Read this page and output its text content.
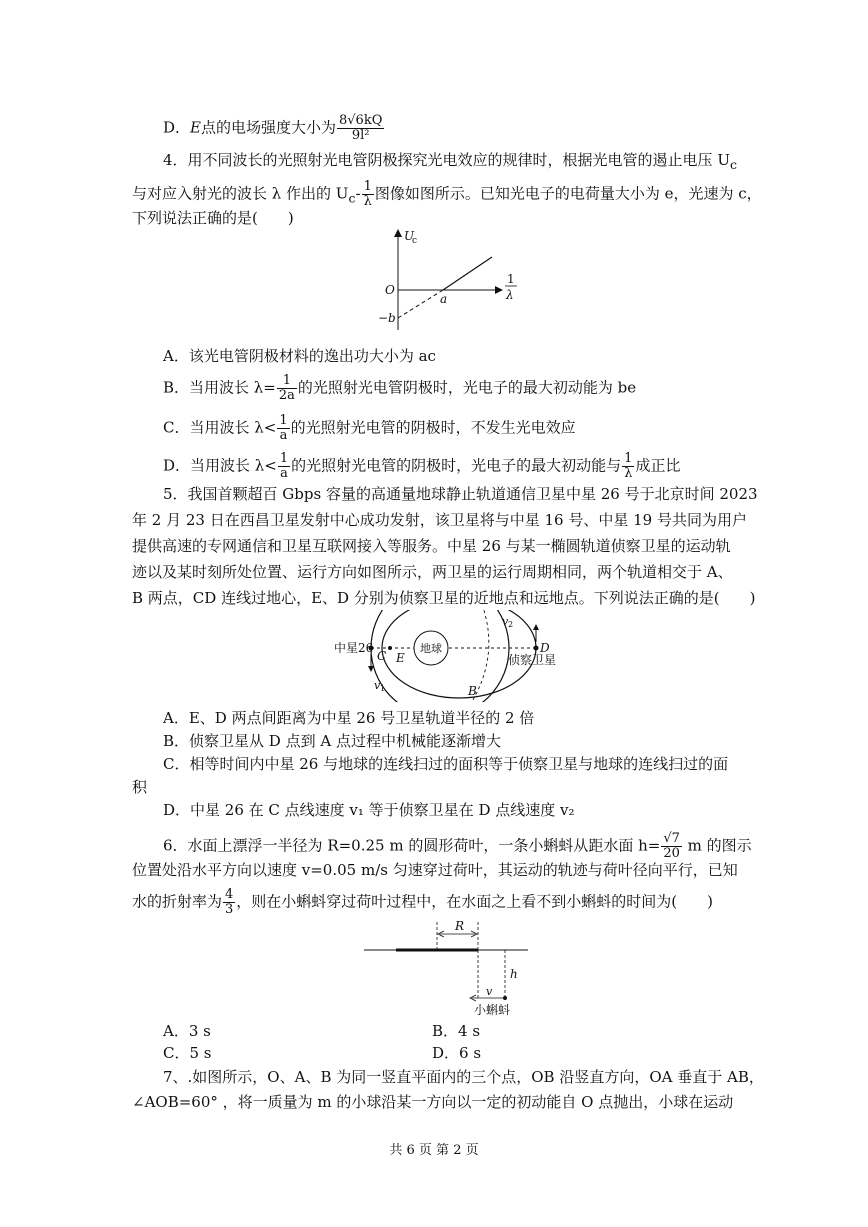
D．E点的电场强度大小为 $\frac{8√6kQ}{\text{9l²}}$
4．用不同波长的光照射光电管阴极探究光电效应的规律时，根据光电管的遏止电压 $U_c$
与对应入射光的波长 λ 作出的 $U_c- \frac{1}{\lambda}$ 图像如图所示。已知光电子的电荷量大小为 e，光速为 c，
下列说法正确的是(　　)
U
c
O
a
−b
1
λ
A．该光电管阴极材料的逸出功大小为 ac
B．当用波长 $\lambda= \frac{1}{2a}$ 的光照射光电管阴极时，光电子的最大初动能为 be
C．当用波长 $\lambda< \frac{1}{a}$ 的光照射光电管的阴极时，不发生光电效应
D．当用波长 $\lambda< \frac{1}{a}$ 的光照射光电管的阴极时，光电子的最大初动能与 $\frac{1}{\lambda}$ 成正比
5．我国首颗超百 Gbps 容量的高通量地球静止轨道通信卫星中星 26 号于北京时间 2023
年 2 月 23 日在西昌卫星发射中心成功发射，该卫星将与中星 16 号、中星 19 号共同为用户
提供高速的专网通信和卫星互联网接入等服务。中星 26 与某一椭圆轨道侦察卫星的运动轨
迹以及某时刻所处位置、运行方向如图所示，两卫星的运行周期相同，两个轨道相交于 A、
B 两点，CD 连线过地心，E、D 分别为侦察卫星的近地点和远地点。下列说法正确的是(　　)
地球
中星26
侦察卫星
C E
D
B
v 1
v 2
A．E、D 两点间距离为中星 26 号卫星轨道半径的 2 倍
B．侦察卫星从 D 点到 A 点过程中机械能逐渐增大
C．相等时间内中星 26 与地球的连线扫过的面积等于侦察卫星与地球的连线扫过的面
积
D．中星 26 在 C 点线速度 v₁ 等于侦察卫星在 D 点线速度 v₂
6．水面上漂浮一半径为 R=0.25 m 的圆形荷叶，一条小蝌蚪从距水面 $h= \frac{√7}{20}$ m 的图示
位置处沿水平方向以速度 v=0.05 m/s 匀速穿过荷叶，其运动的轨迹与荷叶径向平行，已知
水的折射率为 $\frac{4}{3}$ ，则在小蝌蚪穿过荷叶过程中，在水面之上看不到小蝌蚪的时间为(　　)
R
h
v
小蝌蚪
A．3 s	B．4 s
C．5 s	D．6 s
7、.如图所示，O、A、B 为同一竖直平面内的三个点，OB 沿竖直方向，OA 垂直于 AB，
∠AOB=60° ，将一质量为 m 的小球沿某一方向以一定的初动能自 O 点抛出，小球在运动
共 6 页 第 2 页
